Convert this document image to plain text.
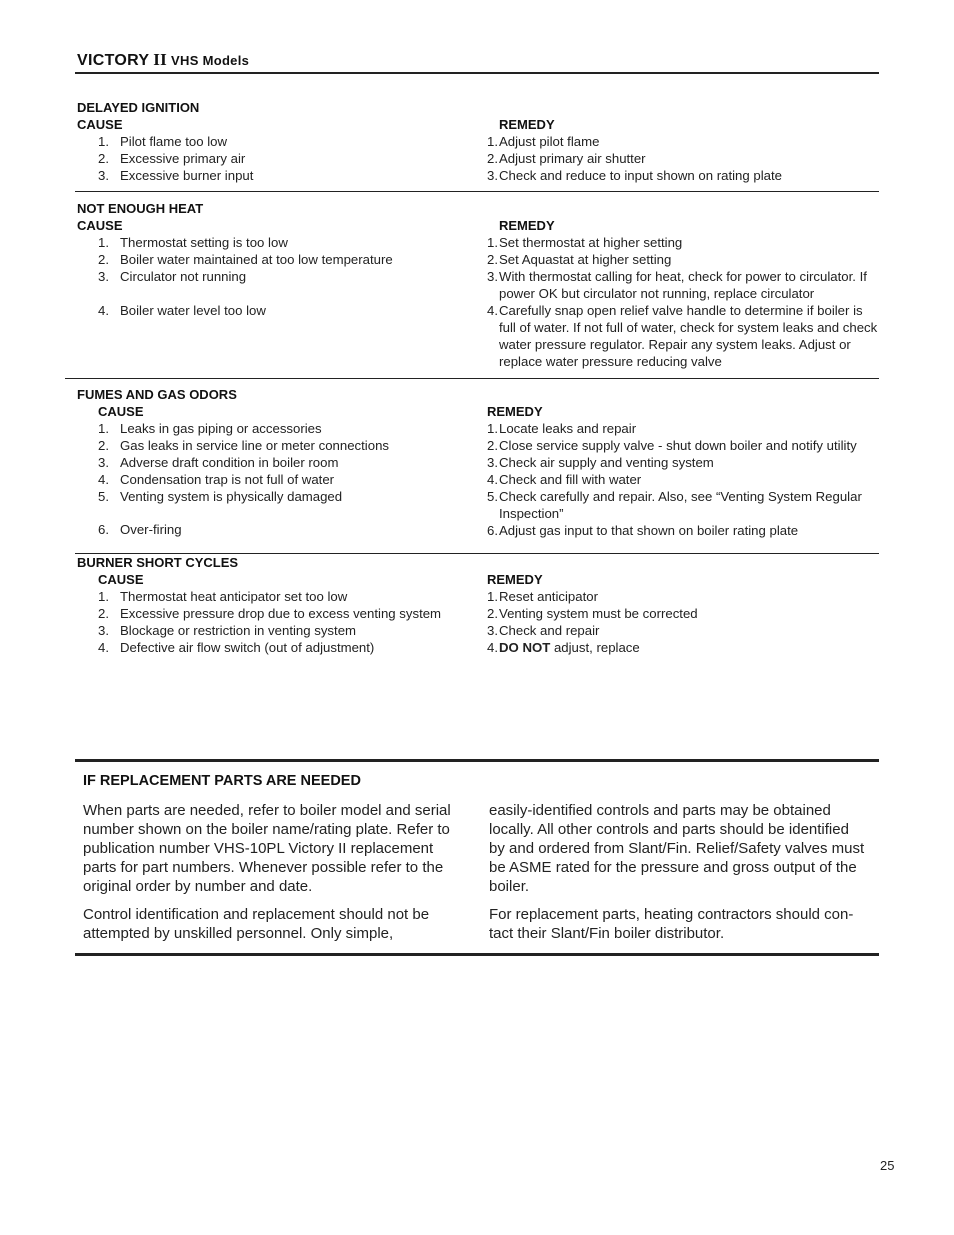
VICTORY II VHS Models
DELAYED IGNITION
CAUSE
1. Pilot flame too low
2. Excessive primary air
3. Excessive burner input
REMEDY
1. Adjust pilot flame
2. Adjust primary air shutter
3. Check and reduce to input shown on rating plate
NOT ENOUGH HEAT
CAUSE
1. Thermostat setting is too low
2. Boiler water maintained at too low temperature
3. Circulator not running
4. Boiler water level too low
REMEDY
1. Set thermostat at higher setting
2. Set Aquastat at higher setting
3. With thermostat calling for heat, check for power to circulator. If power OK but circulator not running, replace circulator
4. Carefully snap open relief valve handle to determine if boiler is full of water. If not full of water, check for system leaks and check water pressure regulator. Repair any system leaks. Adjust or replace water pressure reducing valve
FUMES AND GAS ODORS
CAUSE
1. Leaks in gas piping or accessories
2. Gas leaks in service line or meter connections
3. Adverse draft condition in boiler room
4. Condensation trap is not full of water
5. Venting system is physically damaged
6. Over-firing
REMEDY
1. Locate leaks and repair
2. Close service supply valve - shut down boiler and notify utility
3. Check air supply and venting system
4. Check and fill with water
5. Check carefully and repair. Also, see “Venting System Regular Inspection”
6. Adjust gas input to that shown on boiler rating plate
BURNER SHORT CYCLES
CAUSE
1. Thermostat heat anticipator set too low
2. Excessive pressure drop due to excess venting system
3. Blockage or restriction in venting system
4. Defective air flow switch (out of adjustment)
REMEDY
1. Reset anticipator
2. Venting system must be corrected
3. Check and repair
4. DO NOT adjust, replace
IF REPLACEMENT PARTS ARE NEEDED

When parts are needed, refer to boiler model and serial number shown on the boiler name/rating plate. Refer to publication number VHS-10PL Victory II replacement parts for part numbers. Whenever possible refer to the original order by number and date.

Control identification and replacement should not be attempted by unskilled personnel. Only simple,

easily-identified controls and parts may be obtained locally. All other controls and parts should be identified by and ordered from Slant/Fin. Relief/Safety valves must be ASME rated for the pressure and gross output of the boiler.

For replacement parts, heating contractors should con-tact their Slant/Fin boiler distributor.

25
